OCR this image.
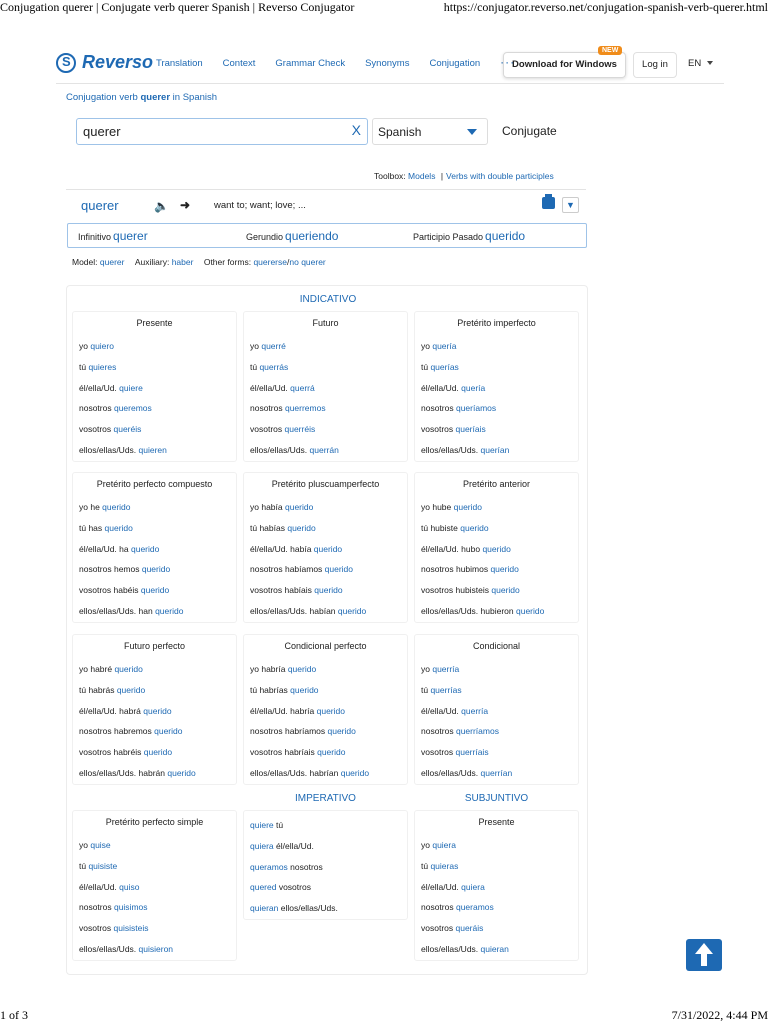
Conjugation querer | Conjugate verb querer Spanish | Reverso Conjugator	https://conjugator.reverso.net/conjugation-spanish-verb-querer.html
S
Reverso Translation Context Grammar Check Synonyms Conjugation ···
Download for Windows
NEW
Log in	EN
Conjugation verb querer in Spanish
querer
X Spanish	Conjugate
Toolbox: Models | Verbs with double participles
querer	🔈 ➜	want to; want; love; ...	▼
Infinitivo querer	Gerundio queriendo	Participio Pasado querido
Model: querer Auxiliary: haber Other forms: quererse/no querer
INDICATIVO
Presente
yo quiero
tú quieres
él/ella/Ud. quiere
nosotros queremos
vosotros queréis
ellos/ellas/Uds. quieren
Futuro
yo querré
tú querrás
él/ella/Ud. querrá
nosotros querremos
vosotros querréis
ellos/ellas/Uds. querrán
Pretérito imperfecto
yo quería
tú querías
él/ella/Ud. quería
nosotros queríamos
vosotros queríais
ellos/ellas/Uds. querían
Pretérito perfecto compuesto
yo he querido
tú has querido
él/ella/Ud. ha querido
nosotros hemos querido
vosotros habéis querido
ellos/ellas/Uds. han querido
Pretérito pluscuamperfecto
yo había querido
tú habías querido
él/ella/Ud. había querido
nosotros habíamos querido
vosotros habíais querido
ellos/ellas/Uds. habían querido
Pretérito anterior
yo hube querido
tú hubiste querido
él/ella/Ud. hubo querido
nosotros hubimos querido
vosotros hubisteis querido
ellos/ellas/Uds. hubieron querido
Futuro perfecto
yo habré querido
tú habrás querido
él/ella/Ud. habrá querido
nosotros habremos querido
vosotros habréis querido
ellos/ellas/Uds. habrán querido
Condicional perfecto
yo habría querido
tú habrías querido
él/ella/Ud. habría querido
nosotros habríamos querido
vosotros habríais querido
ellos/ellas/Uds. habrían querido
Condicional
yo querría
tú querrías
él/ella/Ud. querría
nosotros querríamos
vosotros querríais
ellos/ellas/Uds. querrían
IMPERATIVO	SUBJUNTIVO
Pretérito perfecto simple
yo quise
tú quisiste
él/ella/Ud. quiso
nosotros quisimos
vosotros quisisteis
ellos/ellas/Uds. quisieron
quiere tú
quiera él/ella/Ud.
queramos nosotros
quered vosotros
quieran ellos/ellas/Uds.
Presente
yo quiera
tú quieras
él/ella/Ud. quiera
nosotros queramos
vosotros queráis
ellos/ellas/Uds. quieran
1 of 3	7/31/2022, 4:44 PM
